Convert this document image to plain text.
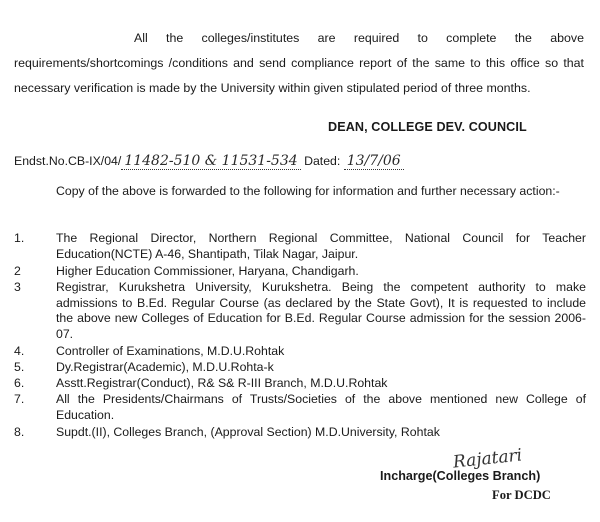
All the colleges/institutes are required to complete the above requirements/shortcomings /conditions and send compliance report of the same to this office so that necessary verification is made by the University within given stipulated period of three months.
DEAN, COLLEGE DEV. COUNCIL
Endst.No.CB-IX/04/ 11482-510 & 11531-534 Dated: 13/7/06
Copy of the above is forwarded to the following for information and further necessary action:-
1.	The Regional Director, Northern Regional Committee, National Council for Teacher Education(NCTE) A-46, Shantipath, Tilak Nagar, Jaipur.
2	Higher Education Commissioner, Haryana, Chandigarh.
3	Registrar, Kurukshetra University, Kurukshetra. Being the competent authority to make admissions to B.Ed. Regular Course (as declared by the State Govt), It is requested to include the above new Colleges of Education for B.Ed. Regular Course admission for the session 2006-07.
4.	Controller of Examinations, M.D.U.Rohtak
5.	Dy.Registrar(Academic), M.D.U.Rohta-k
6.	Asstt.Registrar(Conduct), R& S& R-III Branch, M.D.U.Rohtak
7.	All the Presidents/Chairmans of Trusts/Societies of the above mentioned new College of Education.
8.	Supdt.(II), Colleges Branch, (Approval Section) M.D.University, Rohtak
Rajatari
Incharge(Colleges Branch)
For DCDC
